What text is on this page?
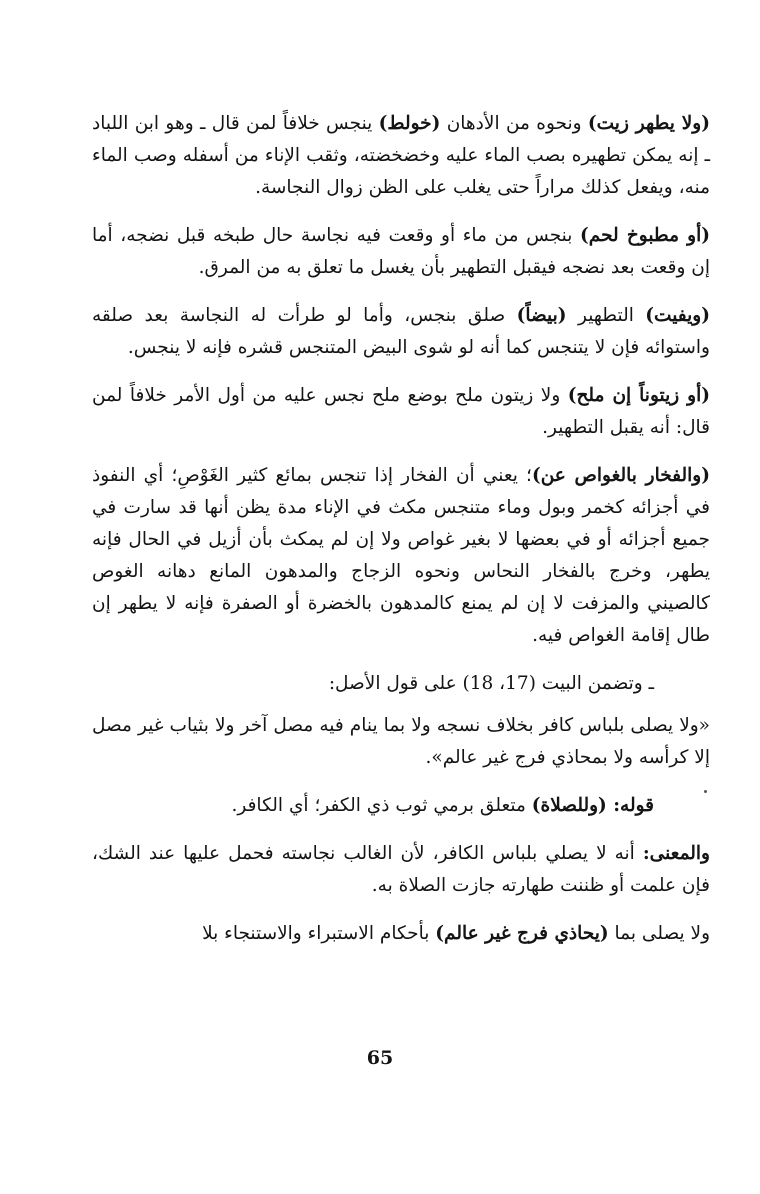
(ولا يطهر زيت) ونحوه من الأدهان (خولط) ينجس خلافاً لمن قال ـ وهو ابن اللباد ـ إنه يمكن تطهيره بصب الماء عليه وخضخضته، وثقب الإناء من أسفله وصب الماء منه، ويفعل كذلك مراراً حتى يغلب على الظن زوال النجاسة.

(أو مطبوخ لحم) بنجس من ماء أو وقعت فيه نجاسة حال طبخه قبل نضجه، أما إن وقعت بعد نضجه فيقبل التطهير بأن يغسل ما تعلق به من المرق.

(ويفيت) التطهير (بيضاً) صلق بنجس، وأما لو طرأت له النجاسة بعد صلقه واستوائه فإن لا يتنجس كما أنه لو شوى البيض المتنجس قشره فإنه لا ينجس.

(أو زيتوناً إن ملح) ولا زيتون ملح بوضع ملح نجس عليه من أول الأمر خلافاً لمن قال: أنه يقبل التطهير.

(والفخار بالغواص عن)؛ يعني أن الفخار إذا تنجس بمائع كثير الغَوْصِ؛ أي النفوذ في أجزائه كخمر وبول وماء متنجس مكث في الإناء مدة يظن أنها قد سارت في جميع أجزائه أو في بعضها لا بغير غواص ولا إن لم يمكث بأن أزيل في الحال فإنه يطهر، وخرج بالفخار النحاس ونحوه الزجاج والمدهون المانع دهانه الغوص كالصيني والمزفت لا إن لم يمنع كالمدهون بالخضرة أو الصفرة فإنه لا يطهر إن طال إقامة الغواص فيه.

ـ وتضمن البيت (17، 18) على قول الأصل:

«ولا يصلى بلباس كافر بخلاف نسجه ولا بما ينام فيه مصل آخر ولا بثياب غير مصل إلا كرأسه ولا بمحاذي فرج غير عالم».

قوله: (وللصلاة) متعلق برمي ثوب ذي الكفر؛ أي الكافر.

والمعنى: أنه لا يصلي بلباس الكافر، لأن الغالب نجاسته فحمل عليها عند الشك، فإن علمت أو ظننت طهارته جازت الصلاة به.

ولا يصلى بما (يحاذي فرج غير عالم) بأحكام الاستبراء والاستنجاء بلا

65
